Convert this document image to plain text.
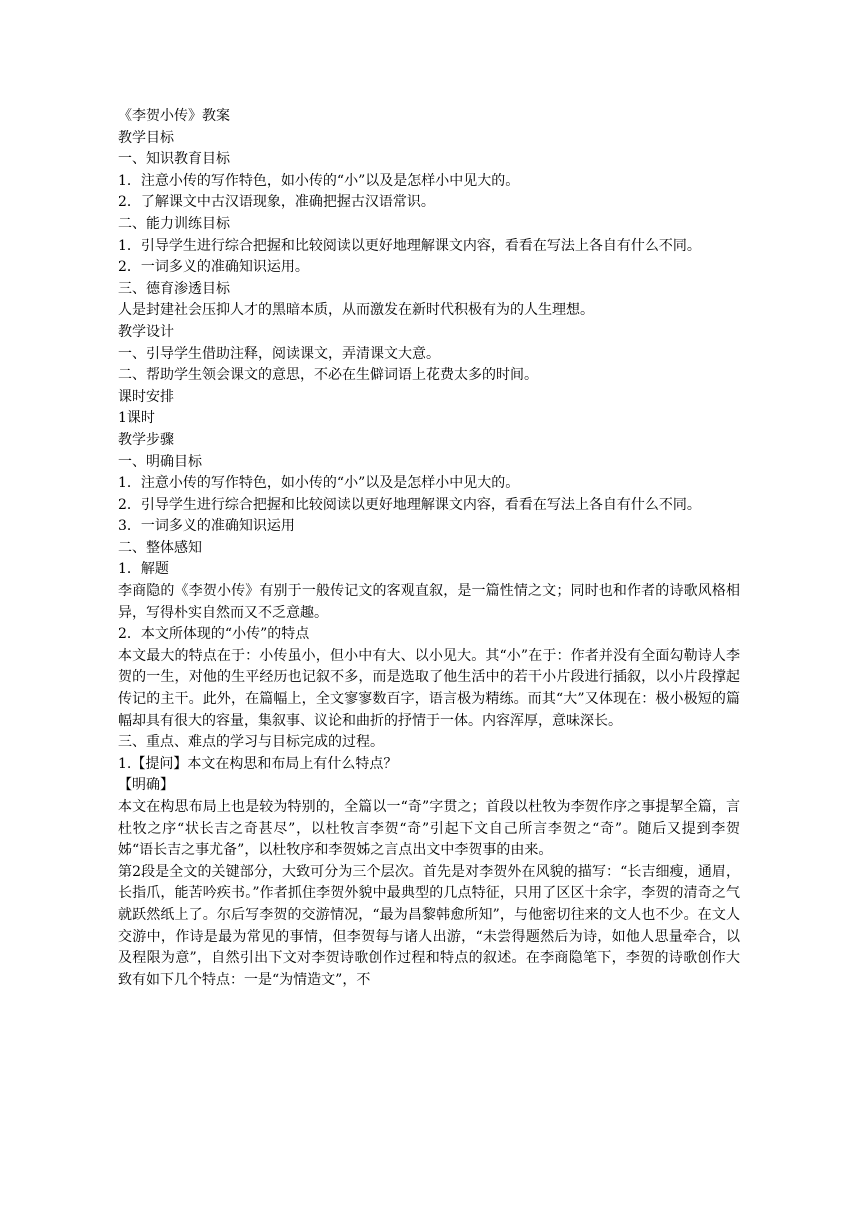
《李贺小传》教案

教学目标

一、知识教育目标

1．注意小传的写作特色，如小传的“小”以及是怎样小中见大的。

2．了解课文中古汉语现象，准确把握古汉语常识。

二、能力训练目标

1．引导学生进行综合把握和比较阅读以更好地理解课文内容，看看在写法上各自有什么不同。

2．一词多义的准确知识运用。

三、德育渗透目标

人是封建社会压抑人才的黑暗本质，从而激发在新时代积极有为的人生理想。

教学设计

一、引导学生借助注释，阅读课文，弄清课文大意。

二、帮助学生领会课文的意思，不必在生僻词语上花费太多的时间。

课时安排

1课时

教学步骤

一、明确目标

1．注意小传的写作特色，如小传的“小”以及是怎样小中见大的。

2．引导学生进行综合把握和比较阅读以更好地理解课文内容，看看在写法上各自有什么不同。

3．一词多义的准确知识运用

二、整体感知

1．解题

李商隐的《李贺小传》有别于一般传记文的客观直叙，是一篇性情之文；同时也和作者的诗歌风格相异，写得朴实自然而又不乏意趣。

2．本文所体现的“小传”的特点

本文最大的特点在于：小传虽小，但小中有大、以小见大。其“小”在于：作者并没有全面勾勒诗人李贺的一生，对他的生平经历也记叙不多，而是选取了他生活中的若干小片段进行插叙，以小片段撑起传记的主干。此外，在篇幅上，全文寥寥数百字，语言极为精练。而其“大”又体现在：极小极短的篇幅却具有很大的容量，集叙事、议论和曲折的抒情于一体。内容浑厚，意味深长。

三、重点、难点的学习与目标完成的过程。

1.【提问】本文在构思和布局上有什么特点？

【明确】

本文在构思布局上也是较为特别的，全篇以一“奇”字贯之；首段以杜牧为李贺作序之事提挈全篇，言杜牧之序“状长吉之奇甚尽”，以杜牧言李贺“奇”引起下文自己所言李贺之“奇”。随后又提到李贺姊“语长吉之事尤备”，以杜牧序和李贺姊之言点出文中李贺事的由来。

第2段是全文的关键部分，大致可分为三个层次。首先是对李贺外在风貌的描写：“长吉细瘦，通眉，长指爪，能苦吟疾书。”作者抓住李贺外貌中最典型的几点特征，只用了区区十余字，李贺的清奇之气就跃然纸上了。尔后写李贺的交游情况，“最为昌黎韩愈所知”，与他密切往来的文人也不少。在文人交游中，作诗是最为常见的事情，但李贺每与诸人出游，“未尝得题然后为诗，如他人思量牵合，以及程限为意”，自然引出下文对李贺诗歌创作过程和特点的叙述。在李商隐笔下，李贺的诗歌创作大致有如下几个特点：一是“为情造文”，不
